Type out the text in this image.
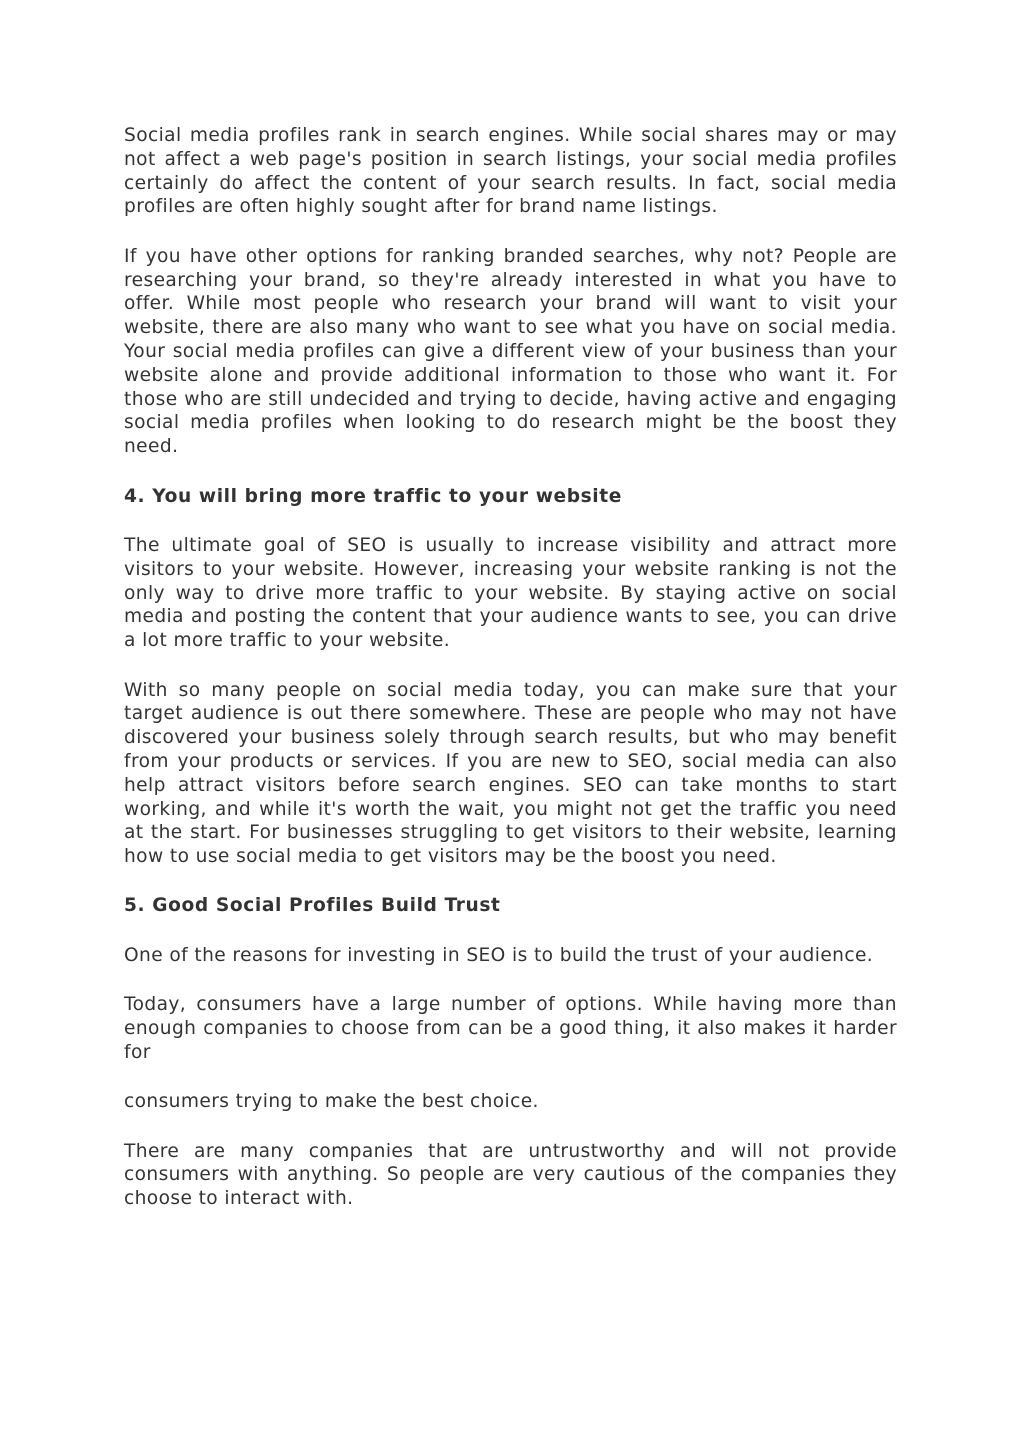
Social media profiles rank in search engines. While social shares may or may not affect a web page's position in search listings, your social media profiles certainly do affect the content of your search results. In fact, social media profiles are often highly sought after for brand name listings.

If you have other options for ranking branded searches, why not? People are researching your brand, so they're already interested in what you have to offer. While most people who research your brand will want to visit your website, there are also many who want to see what you have on social media. Your social media profiles can give a different view of your business than your website alone and provide additional information to those who want it. For those who are still undecided and trying to decide, having active and engaging social media profiles when looking to do research might be the boost they need.

4. You will bring more traffic to your website

The ultimate goal of SEO is usually to increase visibility and attract more visitors to your website. However, increasing your website ranking is not the only way to drive more traffic to your website. By staying active on social media and posting the content that your audience wants to see, you can drive a lot more traffic to your website.

With so many people on social media today, you can make sure that your target audience is out there somewhere. These are people who may not have discovered your business solely through search results, but who may benefit from your products or services. If you are new to SEO, social media can also help attract visitors before search engines. SEO can take months to start working, and while it's worth the wait, you might not get the traffic you need at the start. For businesses struggling to get visitors to their website, learning how to use social media to get visitors may be the boost you need.

5. Good Social Profiles Build Trust

One of the reasons for investing in SEO is to build the trust of your audience.

Today, consumers have a large number of options. While having more than enough companies to choose from can be a good thing, it also makes it harder for

consumers trying to make the best choice.

There are many companies that are untrustworthy and will not provide consumers with anything. So people are very cautious of the companies they choose to interact with.
